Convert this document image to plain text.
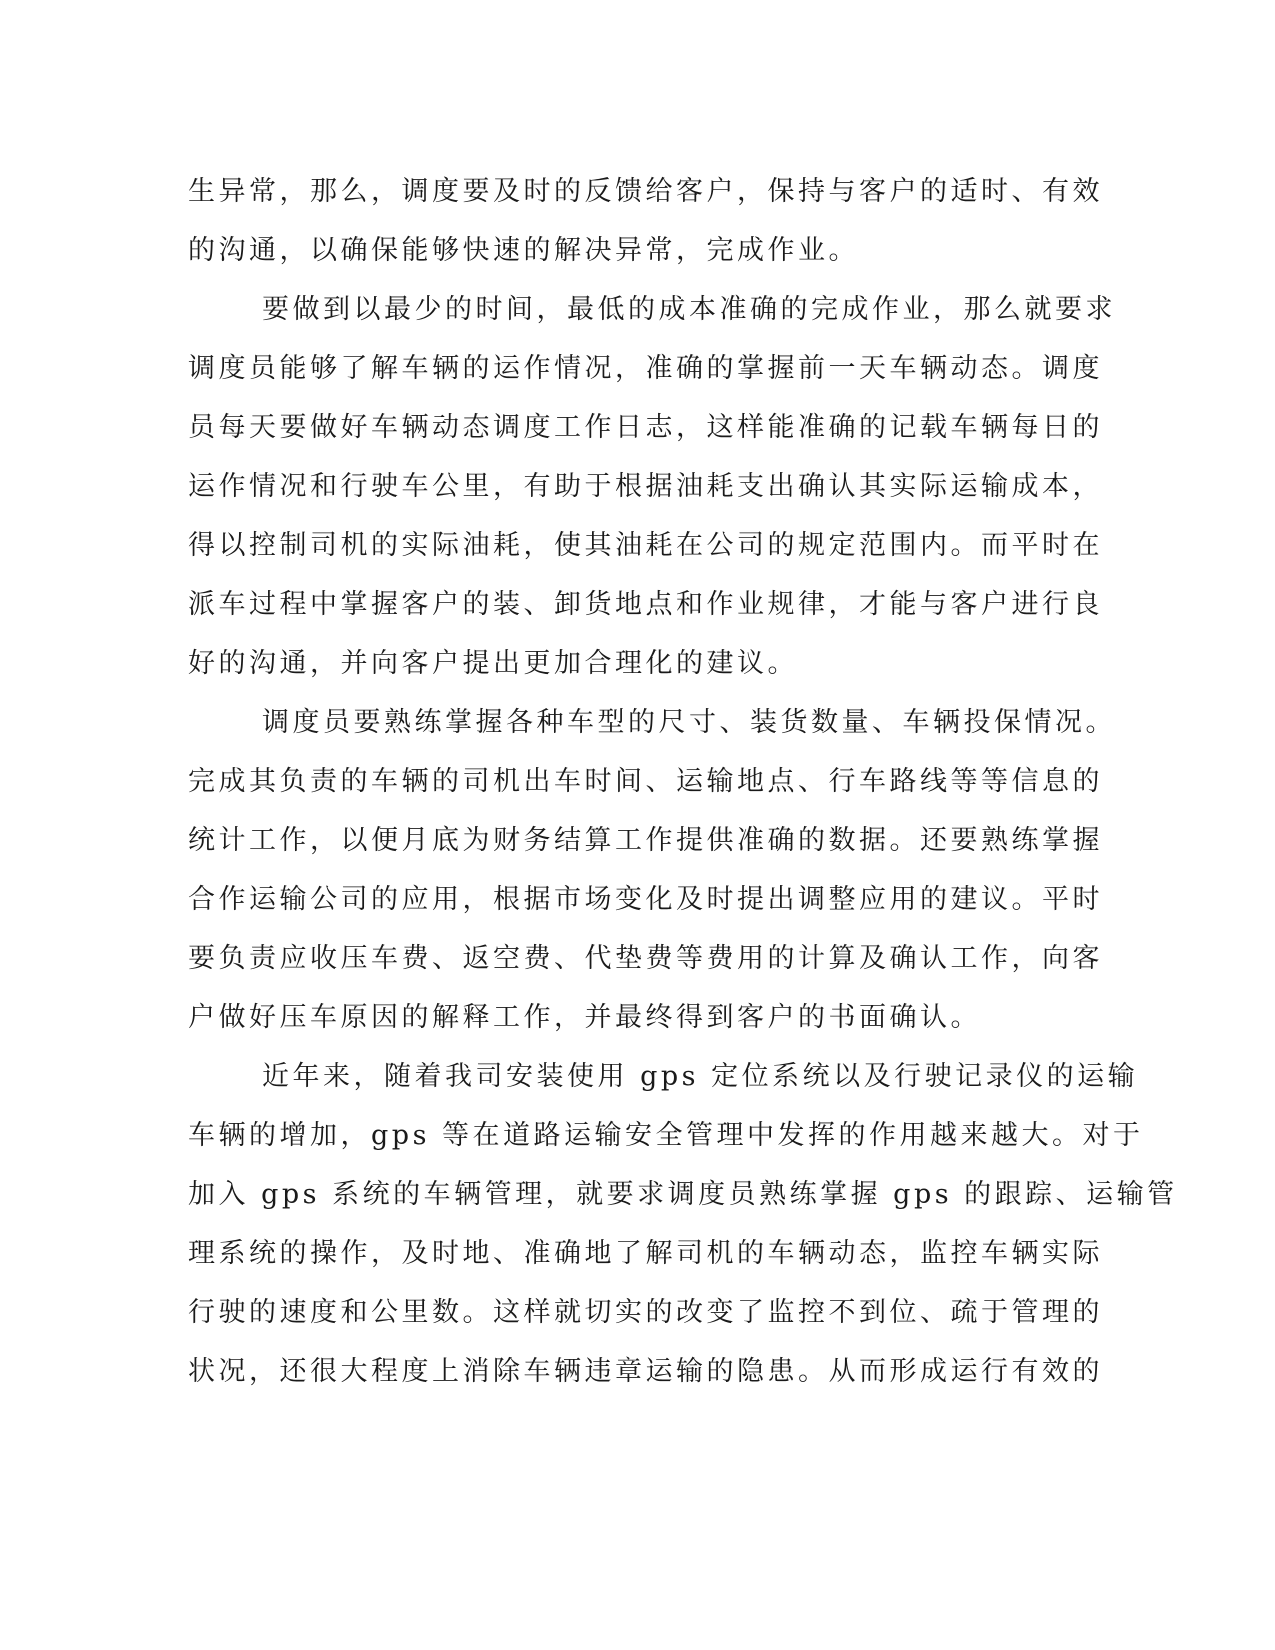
生异常，那么，调度要及时的反馈给客户，保持与客户的适时、有效
的沟通，以确保能够快速的解决异常，完成作业。
要做到以最少的时间，最低的成本准确的完成作业，那么就要求
调度员能够了解车辆的运作情况，准确的掌握前一天车辆动态。调度
员每天要做好车辆动态调度工作日志，这样能准确的记载车辆每日的
运作情况和行驶车公里，有助于根据油耗支出确认其实际运输成本，
得以控制司机的实际油耗，使其油耗在公司的规定范围内。而平时在
派车过程中掌握客户的装、卸货地点和作业规律，才能与客户进行良
好的沟通，并向客户提出更加合理化的建议。
调度员要熟练掌握各种车型的尺寸、装货数量、车辆投保情况。
完成其负责的车辆的司机出车时间、运输地点、行车路线等等信息的
统计工作，以便月底为财务结算工作提供准确的数据。还要熟练掌握
合作运输公司的应用，根据市场变化及时提出调整应用的建议。平时
要负责应收压车费、返空费、代垫费等费用的计算及确认工作，向客
户做好压车原因的解释工作，并最终得到客户的书面确认。
近年来，随着我司安装使用 gps 定位系统以及行驶记录仪的运输
车辆的增加，gps 等在道路运输安全管理中发挥的作用越来越大。对于
加入 gps 系统的车辆管理，就要求调度员熟练掌握 gps 的跟踪、运输管
理系统的操作，及时地、准确地了解司机的车辆动态，监控车辆实际
行驶的速度和公里数。这样就切实的改变了监控不到位、疏于管理的
状况，还很大程度上消除车辆违章运输的隐患。从而形成运行有效的
